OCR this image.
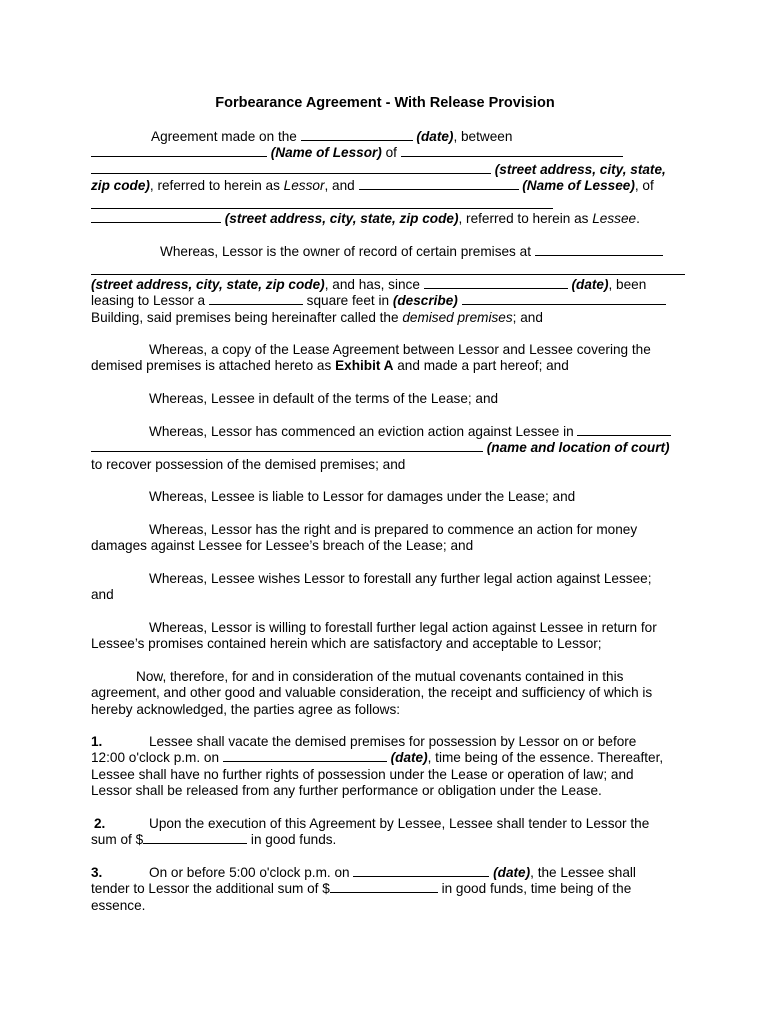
Forbearance Agreement - With Release Provision
Agreement made on the	(date), between
(Name of Lessor) of
(street address, city, state,
zip code), referred to herein as Lessor, and	(Name of Lessee), of
(street address, city, state, zip code), referred to herein as Lessee.
Whereas, Lessor is the owner of record of certain premises at
(street address, city, state, zip code), and has, since	(date), been
leasing to Lessor a	square feet in (describe)
Building, said premises being hereinafter called the demised premises; and
Whereas, a copy of the Lease Agreement between Lessor and Lessee covering the
demised premises is attached hereto as Exhibit A and made a part hereof; and
Whereas, Lessee in default of the terms of the Lease; and
Whereas, Lessor has commenced an eviction action against Lessee in
(name and location of court)
to recover possession of the demised premises; and
Whereas, Lessee is liable to Lessor for damages under the Lease; and
Whereas, Lessor has the right and is prepared to commence an action for money
damages against Lessee for Lessee’s breach of the Lease; and
Whereas, Lessee wishes Lessor to forestall any further legal action against Lessee;
and
Whereas, Lessor is willing to forestall further legal action against Lessee in return for
Lessee’s promises contained herein which are satisfactory and acceptable to Lessor;
Now, therefore, for and in consideration of the mutual covenants contained in this
agreement, and other good and valuable consideration, the receipt and sufficiency of which is
hereby acknowledged, the parties agree as follows:
1.	Lessee shall vacate the demised premises for possession by Lessor on or before
12:00 o'clock p.m. on	(date), time being of the essence. Thereafter,
Lessee shall have no further rights of possession under the Lease or operation of law; and
Lessor shall be released from any further performance or obligation under the Lease.
2.	Upon the execution of this Agreement by Lessee, Lessee shall tender to Lessor the
sum of $	in good funds.
3.	On or before 5:00 o'clock p.m. on	(date), the Lessee shall
tender to Lessor the additional sum of $	in good funds, time being of the
essence.
